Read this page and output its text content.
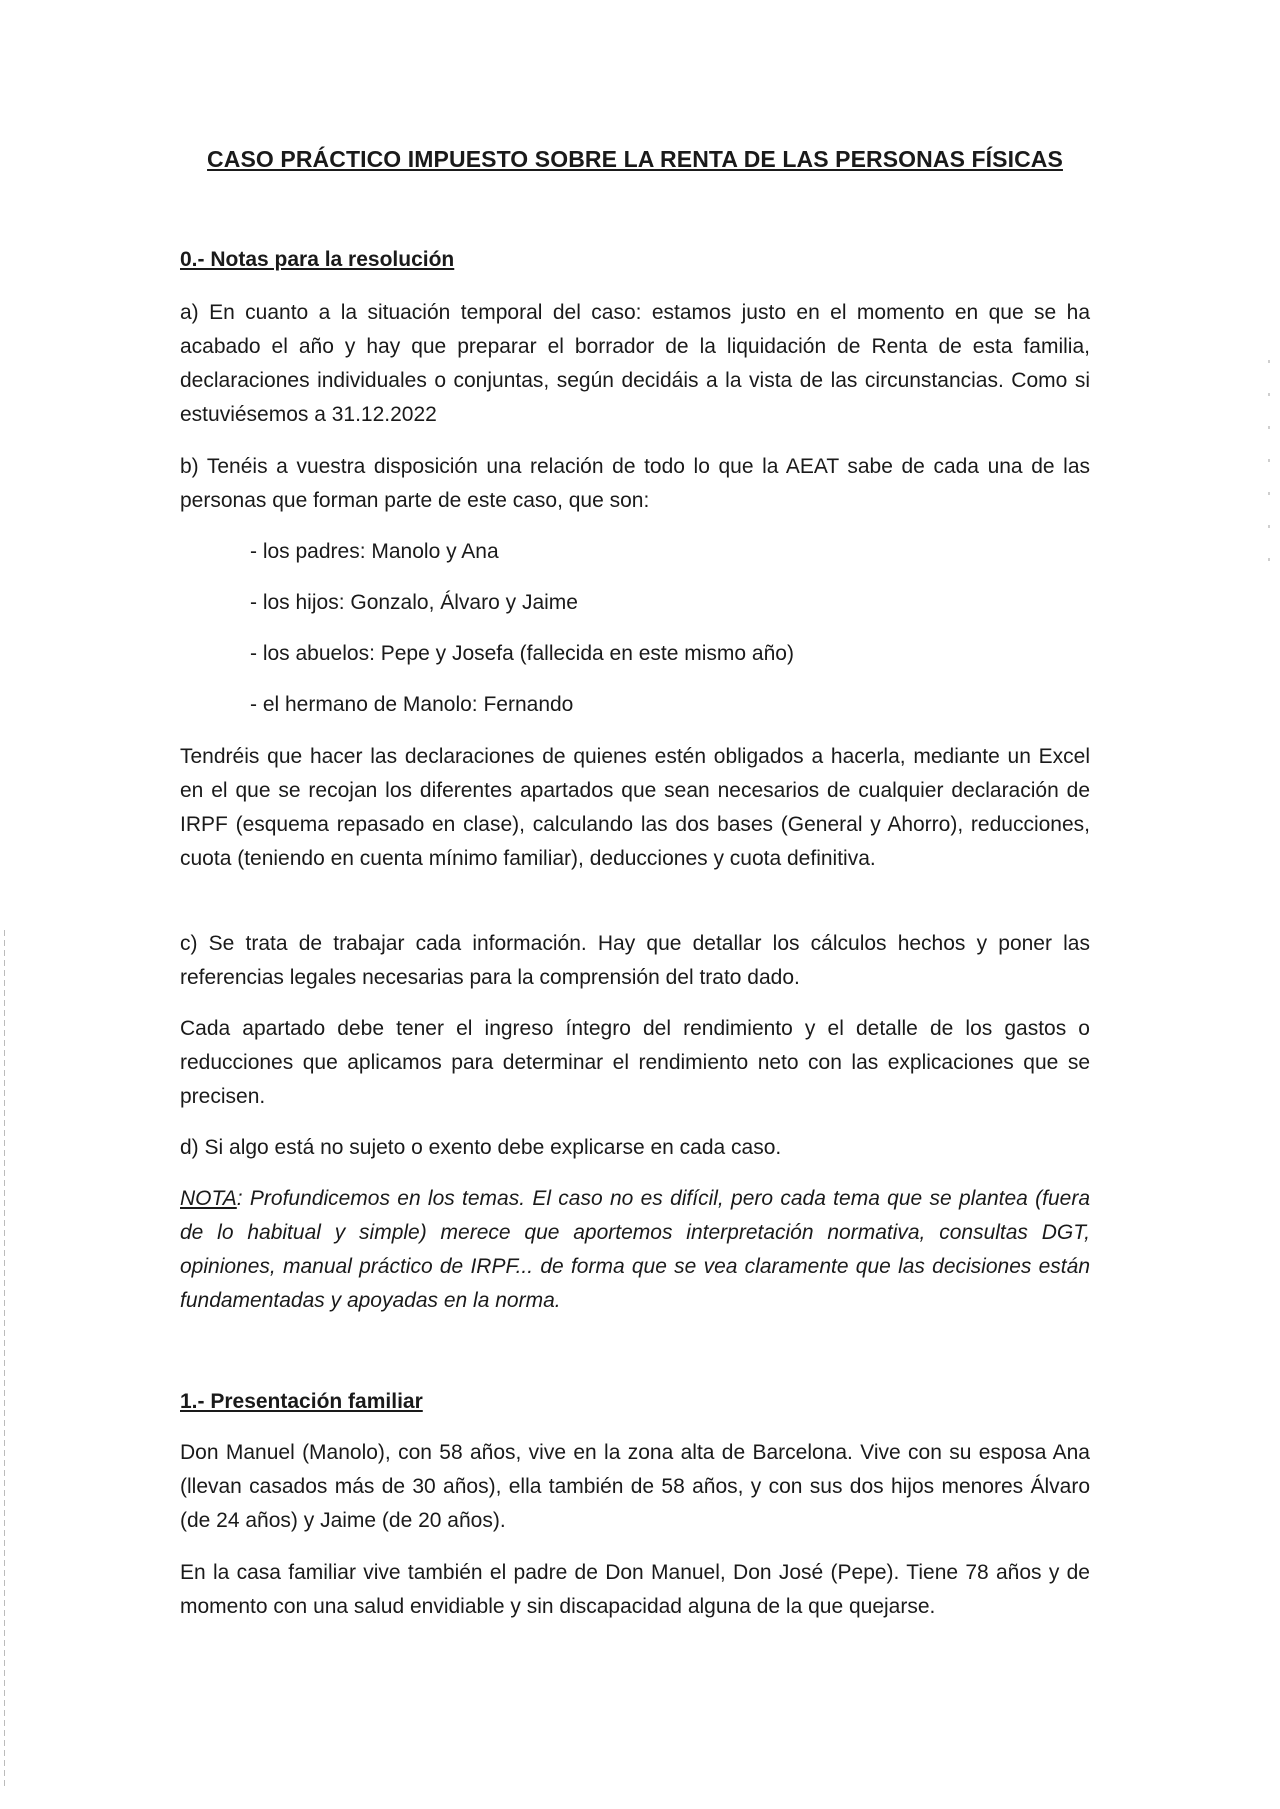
CASO PRÁCTICO IMPUESTO SOBRE LA RENTA DE LAS PERSONAS FÍSICAS
0.- Notas para la resolución

a) En cuanto a la situación temporal del caso: estamos justo en el momento en que se ha acabado el año y hay que preparar el borrador de la liquidación de Renta de esta familia, declaraciones individuales o conjuntas, según decidáis a la vista de las circunstancias. Como si estuviésemos a 31.12.2022

b) Tenéis a vuestra disposición una relación de todo lo que la AEAT sabe de cada una de las personas que forman parte de este caso, que son:

- los padres: Manolo y Ana

- los hijos: Gonzalo, Álvaro y Jaime

- los abuelos: Pepe y Josefa (fallecida en este mismo año)

- el hermano de Manolo: Fernando

Tendréis que hacer las declaraciones de quienes estén obligados a hacerla, mediante un Excel en el que se recojan los diferentes apartados que sean necesarios de cualquier declaración de IRPF (esquema repasado en clase), calculando las dos bases (General y Ahorro), reducciones, cuota (teniendo en cuenta mínimo familiar), deducciones y cuota definitiva.

c) Se trata de trabajar cada información. Hay que detallar los cálculos hechos y poner las referencias legales necesarias para la comprensión del trato dado.

Cada apartado debe tener el ingreso íntegro del rendimiento y el detalle de los gastos o reducciones que aplicamos para determinar el rendimiento neto con las explicaciones que se precisen.

d) Si algo está no sujeto o exento debe explicarse en cada caso.

NOTA: Profundicemos en los temas. El caso no es difícil, pero cada tema que se plantea (fuera de lo habitual y simple) merece que aportemos interpretación normativa, consultas DGT, opiniones, manual práctico de IRPF... de forma que se vea claramente que las decisiones están fundamentadas y apoyadas en la norma.

1.- Presentación familiar

Don Manuel (Manolo), con 58 años, vive en la zona alta de Barcelona. Vive con su esposa Ana (llevan casados más de 30 años), ella también de 58 años, y con sus dos hijos menores Álvaro (de 24 años) y Jaime (de 20 años).

En la casa familiar vive también el padre de Don Manuel, Don José (Pepe). Tiene 78 años y de momento con una salud envidiable y sin discapacidad alguna de la que quejarse.
